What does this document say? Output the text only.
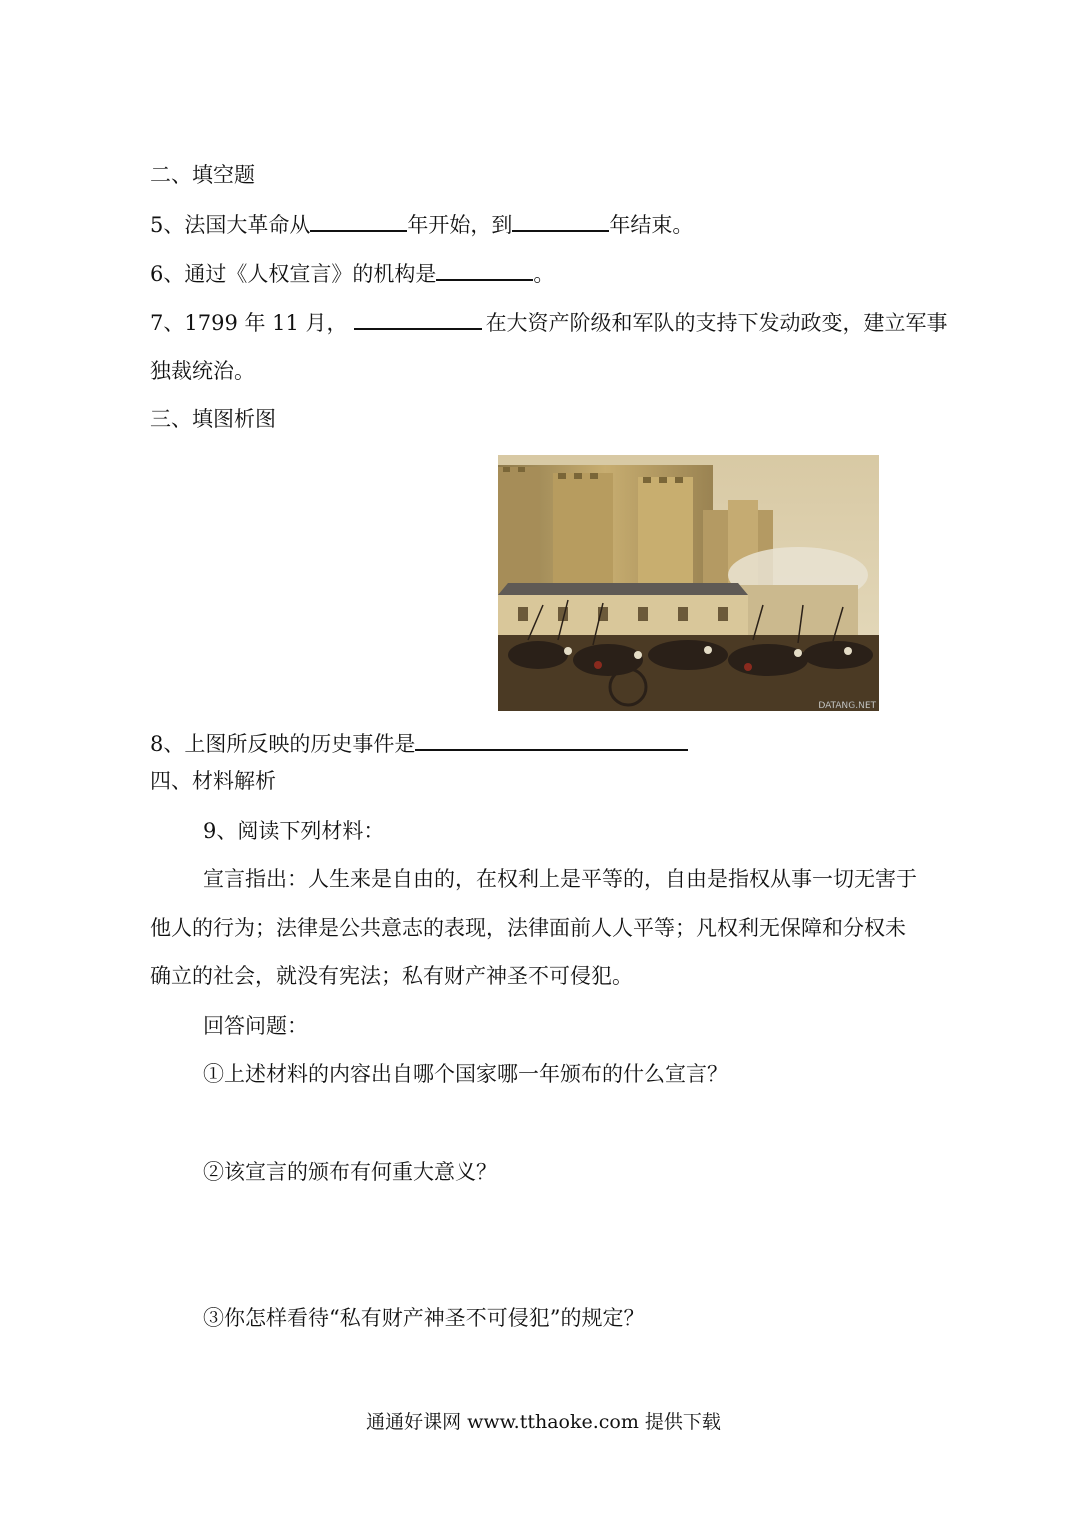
二、填空题
5、法国大革命从	年开始，到	年结束。
6、通过《人权宣言》的机构是	。
7、1799 年 11 月，	在大资产阶级和军队的支持下发动政变，建立军事
独裁统治。
三、填图析图
DATANG.NET
8、上图所反映的历史事件是
四、材料解析
9、阅读下列材料：
宣言指出：人生来是自由的，在权利上是平等的，自由是指权从事一切无害于
他人的行为；法律是公共意志的表现，法律面前人人平等；凡权利无保障和分权未
确立的社会，就没有宪法；私有财产神圣不可侵犯。
回答问题：
①上述材料的内容出自哪个国家哪一年颁布的什么宣言？
②该宣言的颁布有何重大意义？
③你怎样看待“私有财产神圣不可侵犯”的规定？
通通好课网 www.tthaoke.com 提供下载
